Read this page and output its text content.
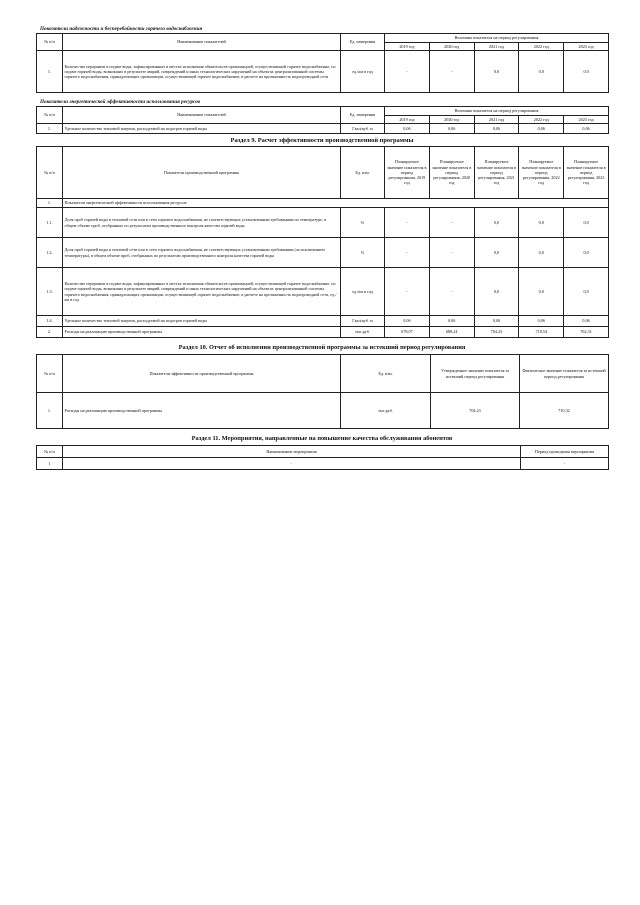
Показатели надежности и бесперебойности горячего водоснабжения
№ п/п	Наименование показателей	Ед. измерения	Величина показателя на период регулирования				
			2019 год	2020 год	2021 год	2022 год	2023 год
1.	Количество перерывов в подаче воды, зафиксированных в местах исполнения обязательств организацией, осуществляющей горячее водоснабжение, по подаче горячей воды, возникших в результате аварий, повреждений и иных технологических нарушений на объектах централизованной системы горячего водоснабжения, принадлежащих организации, осуществляющей горячее водоснабжение, в расчете на протяженность водопроводной сети	ед./км в год	-	-	0,0	0,0	0,0
Показатели энергетической эффективности использования ресурсов
№ п/п	Наименование показателей	Ед. измерения	Величина показателя на период регулирования				
			2019 год	2020 год	2021 год	2022 год	2023 год
1.	Удельное количество тепловой энергии, расходуемой на подогрев горячей воды	Гкал/куб. м	0,06	0,06	0,06	0,06	0,06
Раздел 9. Расчет эффективности производственной программы
№ п/п	Показатели производственной программы	Ед. изм.	Планируемое значение показателя в период регулирования, 2019 год	Планируемое значение показателя в период регулирования, 2020 год	Планируемое значение показателя в период регулирования, 2021 год	Планируемое значение показателя в период регулирования, 2022 год	Планируемое значение показателя в период регулирования, 2023 год
1.	Показатели энергетической эффективности использования ресурсов						
1.1.	Доля проб горячей воды в тепловой сети или в сети горячего водоснабжения, не соответствующих установленным требованиям по температуре, в общем объеме проб, отобранных по результатам производственного контроля качества горячей воды	%	-	-	0,0	0,0	0,0
1.2.	Доля проб горячей воды в тепловой сети или в сети горячего водоснабжения, не соответствующих установленным требованиям (за исключением температуры), в общем объеме проб, отобранных по результатам производственного контроля качества горячей воды	%	-	-	0,0	0,0	0,0
1.3.	Количество перерывов в подаче воды, зафиксированных в местах исполнения обязательств организацией, осуществляющей горячее водоснабжение, по подаче горячей воды, возникших в результате аварий, повреждений и иных технологических нарушений на объектах централизованной системы горячего водоснабжения, принадлежащих организации, осуществляющей горячее водоснабжение, в расчете на протяженность водопроводной сети, ед./км в год	ед./км в год	-	-	0,0	0,0	0,0
1.4.	Удельное количество тепловой энергии, расходуемой на подогрев горячей воды	Гкал/куб. м	0,06	0,06	0,06	0,06	0,06
2.	Расходы на реализацию производственной программы	тыс.руб.	678,07	688,24	704,23	718,54	762,31
Раздел 10. Отчет об исполнении производственной программы за истекший период регулирования
№ п/п	Показатели эффективности производственной программы	Ед. изм.	Утвержденное значение показателя за истекший период регулирования	Фактическое значение показателя за истекший период регулирования
1.	Расходы на реализацию производственной программы	тыс.руб.	704,23	710,32
Раздел 11. Мероприятия, направленные на повышение качества обслуживания абонентов
№ п/п	Наименование мероприятия	Период проведения мероприятия
1	-	-
